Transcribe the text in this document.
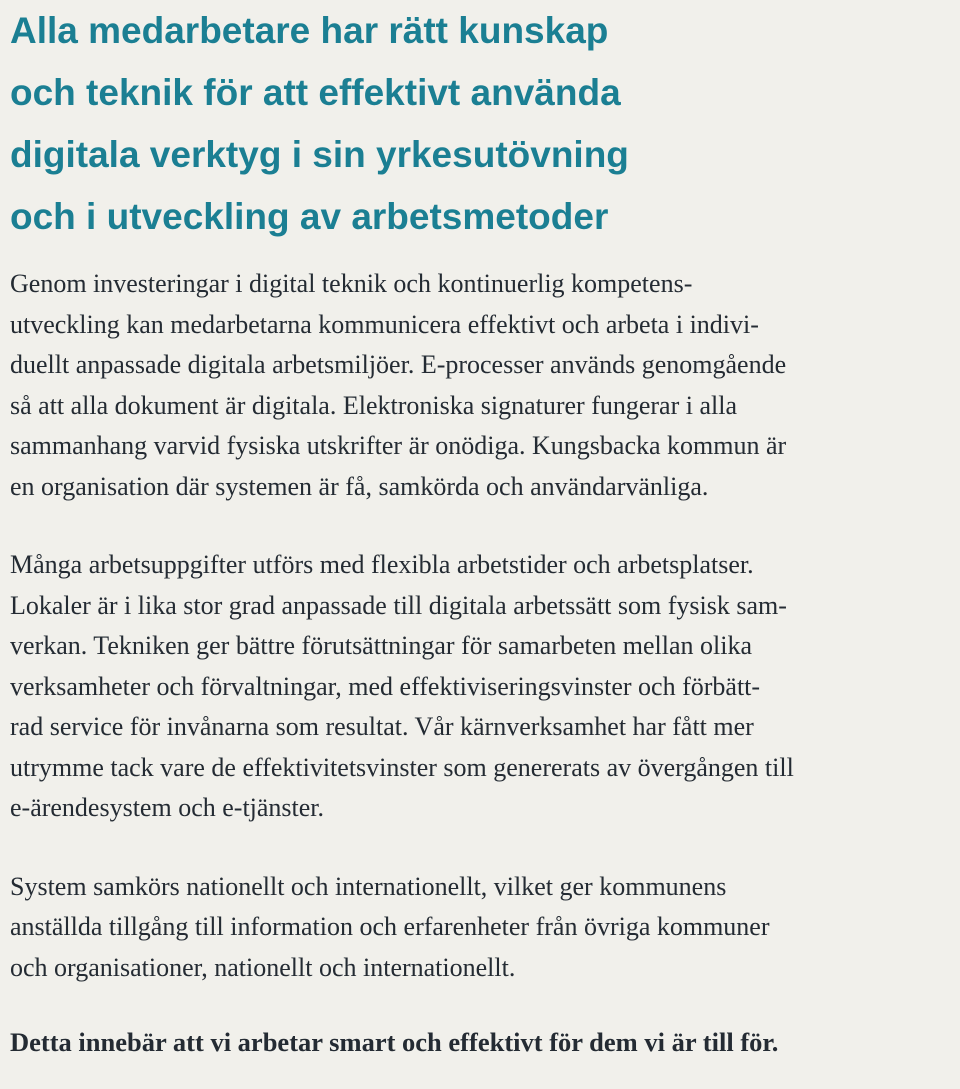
Alla medarbetare har rätt kunskap
och teknik för att effektivt använda
digitala verktyg i sin yrkesutövning
och i utveckling av arbetsmetoder

Genom investeringar i digital teknik och kontinuerlig kompetens-
utveckling kan medarbetarna kommunicera effektivt och arbeta i indivi-
duellt anpassade digitala arbetsmiljöer. E-processer används genomgående
så att alla dokument är digitala. Elektroniska signaturer fungerar i alla
sammanhang varvid fysiska utskrifter är onödiga. Kungsbacka kommun är
en organisation där systemen är få, samkörda och användarvänliga.

Många arbetsuppgifter utförs med flexibla arbetstider och arbetsplatser.
Lokaler är i lika stor grad anpassade till digitala arbetssätt som fysisk sam-
verkan. Tekniken ger bättre förutsättningar för samarbeten mellan olika
verksamheter och förvaltningar, med effektiviseringsvinster och förbätt-
rad service för invånarna som resultat. Vår kärnverksamhet har fått mer
utrymme tack vare de effektivitetsvinster som genererats av övergången till
e-ärendesystem och e-tjänster.

System samkörs nationellt och internationellt, vilket ger kommunens
anställda tillgång till information och erfarenheter från övriga kommuner
och organisationer, nationellt och internationellt.

Detta innebär att vi arbetar smart och effektivt för dem vi är till för.
